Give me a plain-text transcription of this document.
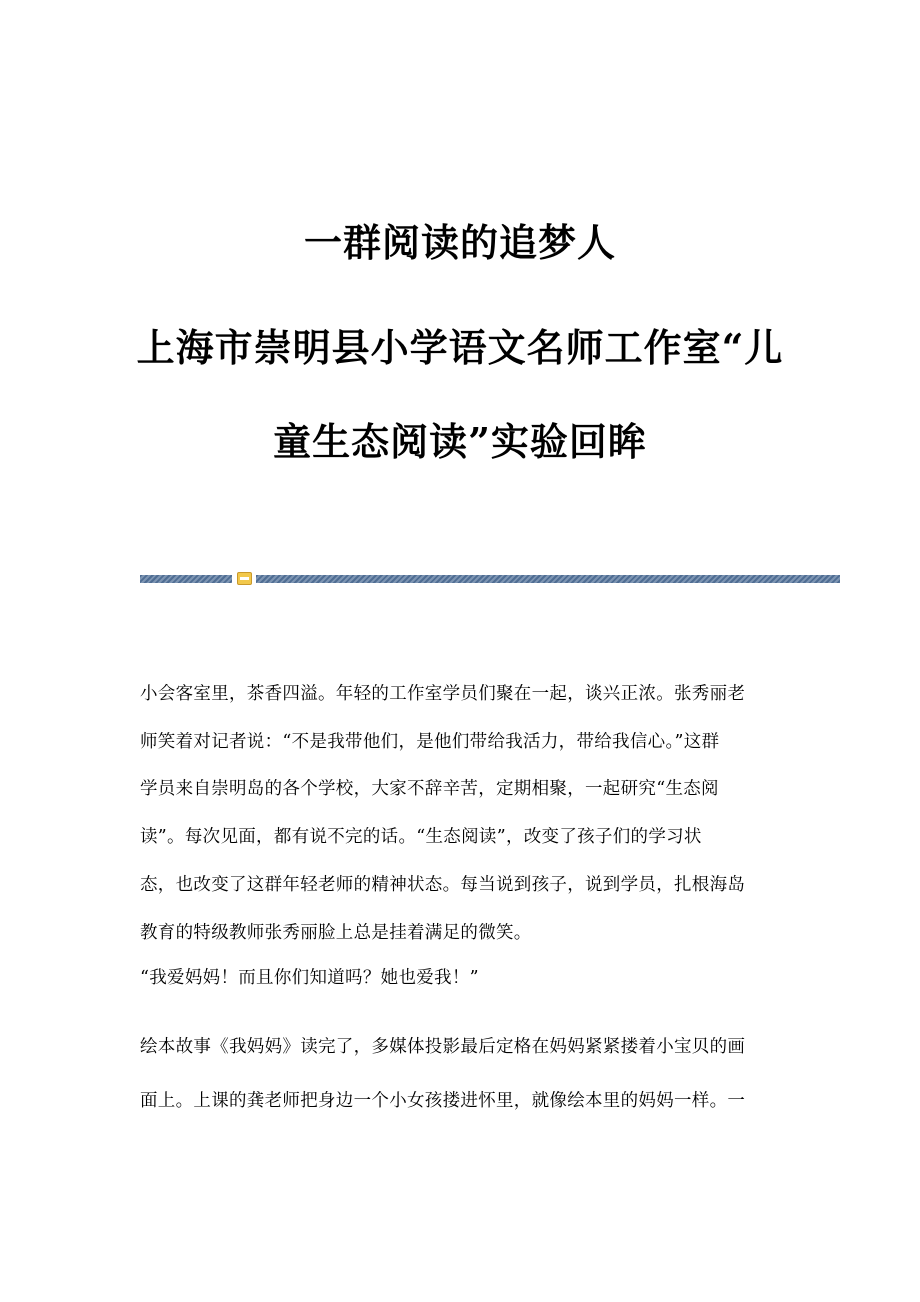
一群阅读的追梦人
上海市崇明县小学语文名师工作室“儿
童生态阅读”实验回眸
小会客室里，茶香四溢。年轻的工作室学员们聚在一起，谈兴正浓。张秀丽老
师笑着对记者说：“不是我带他们，是他们带给我活力，带给我信心。”这群
学员来自崇明岛的各个学校，大家不辞辛苦，定期相聚，一起研究“生态阅
读”。每次见面，都有说不完的话。“生态阅读”，改变了孩子们的学习状
态，也改变了这群年轻老师的精神状态。每当说到孩子，说到学员，扎根海岛
教育的特级教师张秀丽脸上总是挂着满足的微笑。
“我爱妈妈！而且你们知道吗？她也爱我！”
绘本故事《我妈妈》读完了，多媒体投影最后定格在妈妈紧紧搂着小宝贝的画
面上。上课的龚老师把身边一个小女孩搂进怀里，就像绘本里的妈妈一样。一
